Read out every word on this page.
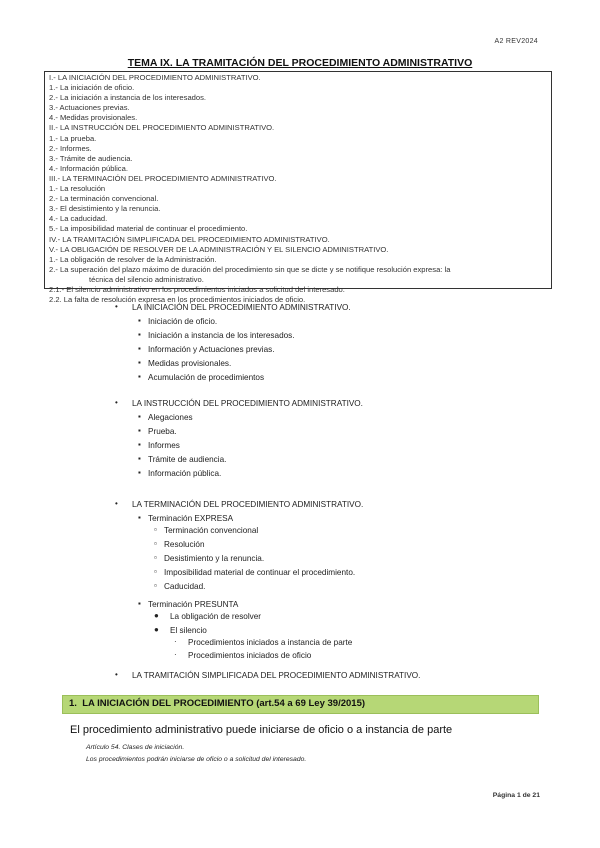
A2 REV2024
TEMA IX. LA TRAMITACIÓN DEL PROCEDIMIENTO ADMINISTRATIVO
I.- LA INICIACIÓN DEL PROCEDIMIENTO ADMINISTRATIVO.
1.- La iniciación de oficio.
2.- La iniciación a instancia de los interesados.
3.- Actuaciones previas.
4.- Medidas provisionales.
II.- LA INSTRUCCIÓN DEL PROCEDIMIENTO ADMINISTRATIVO.
1.- La prueba.
2.- Informes.
3.- Trámite de audiencia.
4.- Información pública.
III.- LA TERMINACIÓN DEL PROCEDIMIENTO ADMINISTRATIVO.
1.- La resolución
2.- La terminación convencional.
3.- El desistimiento y la renuncia.
4.- La caducidad.
5.- La imposibilidad material de continuar el procedimiento.
IV.- LA TRAMITACIÓN SIMPLIFICADA DEL PROCEDIMIENTO ADMINISTRATIVO.
V.- LA OBLIGACIÓN DE RESOLVER DE LA ADMINISTRACIÓN Y EL SILENCIO ADMINISTRATIVO.
1.- La obligación de resolver de la Administración.
2.- La superación del plazo máximo de duración del procedimiento sin que se dicte y se notifique resolución expresa: la
técnica del silencio administrativo.
2.1.- El silencio administrativo en los procedimientos iniciados a solicitud del interesado.
2.2. La falta de resolución expresa en los procedimientos iniciados de oficio.
• LA INICIACIÓN DEL PROCEDIMIENTO ADMINISTRATIVO.
▪ Iniciación de oficio.
▪ Iniciación a instancia de los interesados.
▪ Información y Actuaciones previas.
▪ Medidas provisionales.
▪ Acumulación de procedimientos
• LA INSTRUCCIÓN DEL PROCEDIMIENTO ADMINISTRATIVO.
▪ Alegaciones
▪ Prueba.
▪ Informes
▪ Trámite de audiencia.
▪ Información pública.
• LA TERMINACIÓN DEL PROCEDIMIENTO ADMINISTRATIVO.
▪ Terminación EXPRESA
▫ Terminación convencional
▫ Resolución
▫ Desistimiento y la renuncia.
▫ Imposibilidad material de continuar el procedimiento.
▫ Caducidad.
▪ Terminación PRESUNTA
● La obligación de resolver
● El silencio
· Procedimientos iniciados a instancia de parte
· Procedimientos iniciados de oficio
• LA TRAMITACIÓN SIMPLIFICADA DEL PROCEDIMIENTO ADMINISTRATIVO.
1. LA INICIACIÓN DEL PROCEDIMIENTO (art.54 a 69 Ley 39/2015)
El procedimiento administrativo puede iniciarse de oficio o a instancia de parte
Artículo 54. Clases de iniciación.
Los procedimientos podrán iniciarse de oficio o a solicitud del interesado.
Página 1 de 21
